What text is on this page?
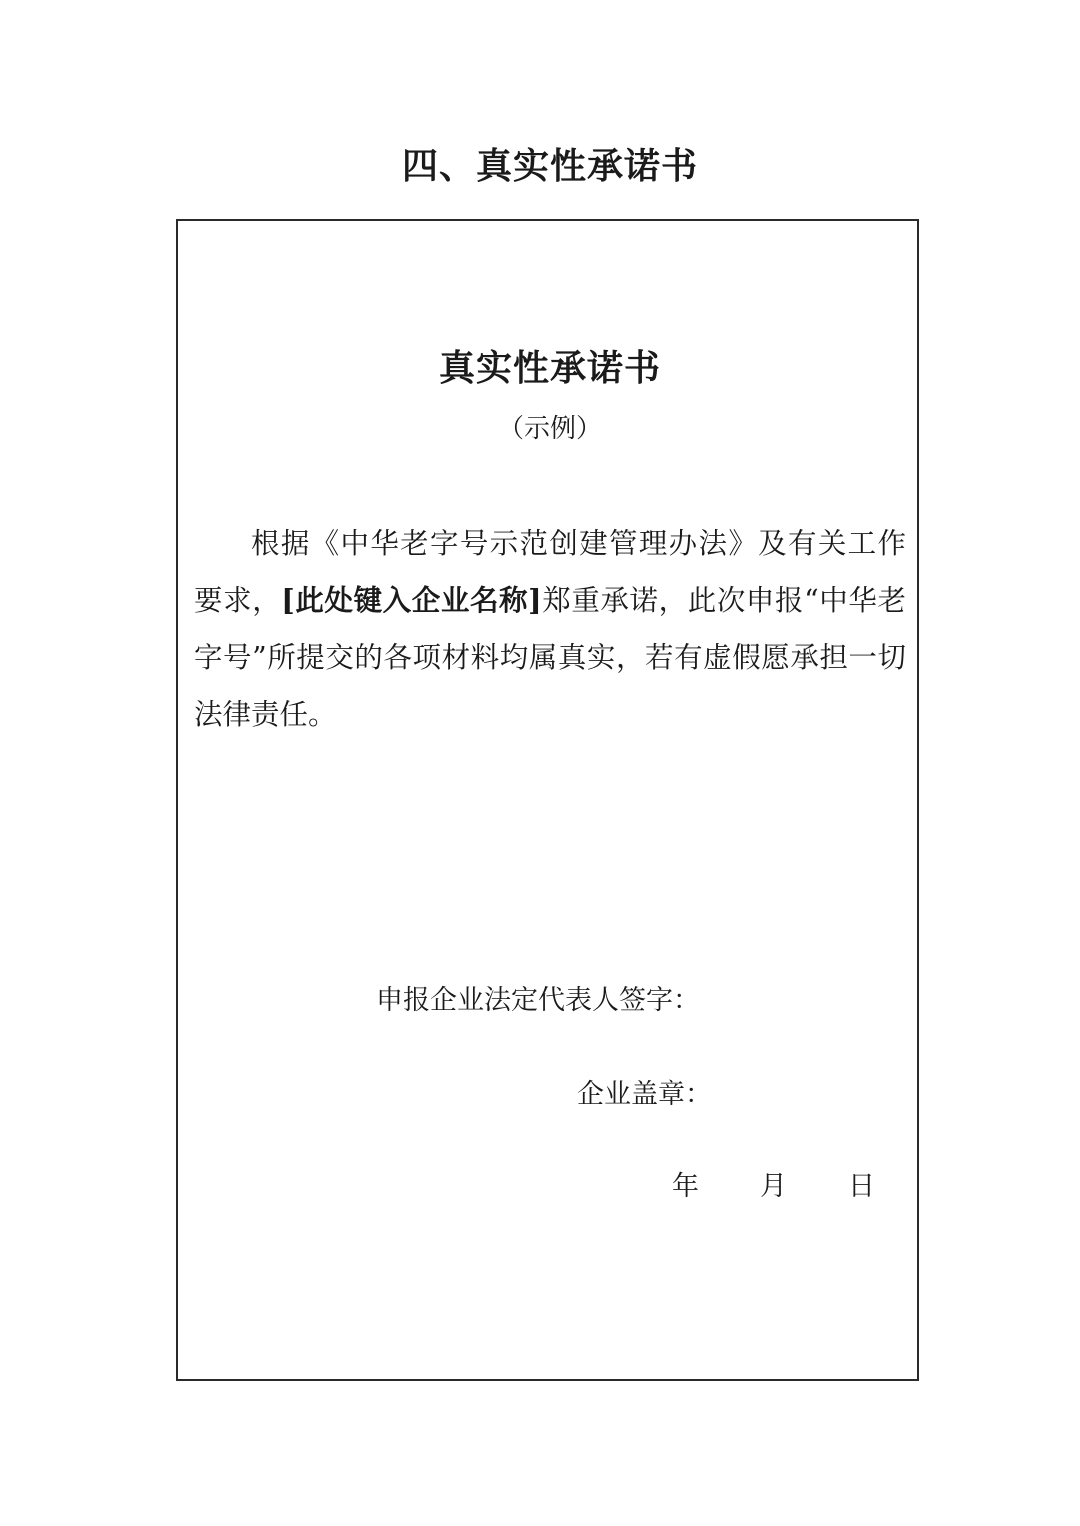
四、真实性承诺书
真实性承诺书
（示例）

根据《中华老字号示范创建管理办法》及有关工作要求，[此处键入企业名称]郑重承诺，此次申报“中华老字号”所提交的各项材料均属真实，若有虚假愿承担一切法律责任。

申报企业法定代表人签字：
企业盖章：
年 月 日
